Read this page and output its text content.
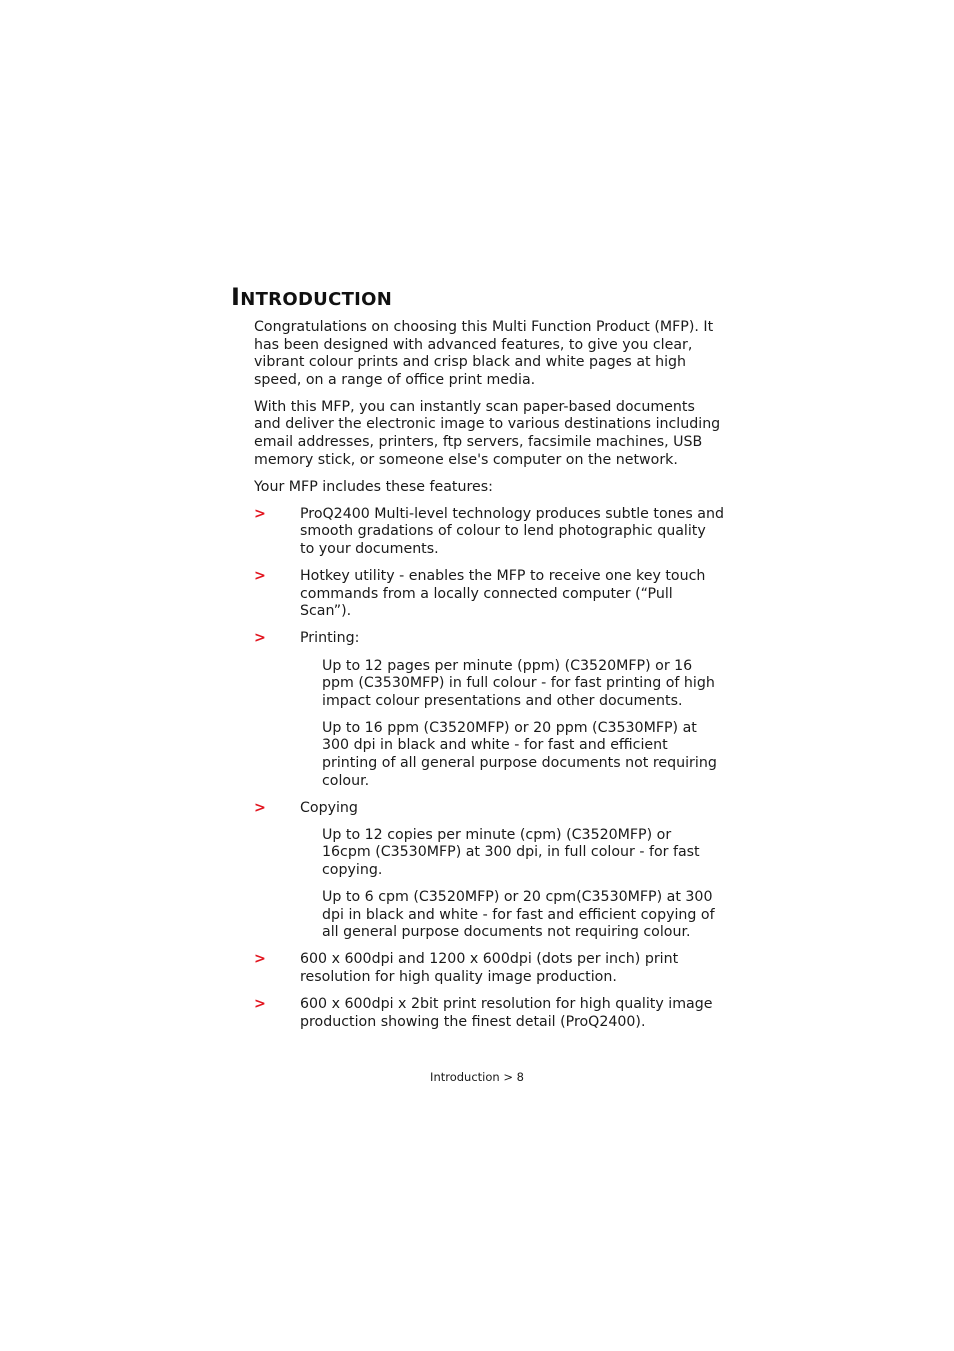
INTRODUCTION

Congratulations on choosing this Multi Function Product (MFP). It has been designed with advanced features, to give you clear, vibrant colour prints and crisp black and white pages at high speed, on a range of office print media.

With this MFP, you can instantly scan paper-based documents and deliver the electronic image to various destinations including email addresses, printers, ftp servers, facsimile machines, USB memory stick, or someone else's computer on the network.

Your MFP includes these features:

> ProQ2400 Multi-level technology produces subtle tones and smooth gradations of colour to lend photographic quality to your documents.
> Hotkey utility - enables the MFP to receive one key touch commands from a locally connected computer (“Pull Scan”).
> Printing:

Up to 12 pages per minute (ppm) (C3520MFP) or 16 ppm (C3530MFP) in full colour - for fast printing of high impact colour presentations and other documents.

Up to 16 ppm (C3520MFP) or 20 ppm (C3530MFP) at 300 dpi in black and white - for fast and efficient printing of all general purpose documents not requiring colour.

> Copying

Up to 12 copies per minute (cpm) (C3520MFP) or 16cpm (C3530MFP) at 300 dpi, in full colour - for fast copying.

Up to 6 cpm (C3520MFP) or 20 cpm(C3530MFP) at 300 dpi in black and white - for fast and efficient copying of all general purpose documents not requiring colour.

> 600 x 600dpi and 1200 x 600dpi (dots per inch) print resolution for high quality image production.
> 600 x 600dpi x 2bit print resolution for high quality image production showing the finest detail (ProQ2400).
Introduction > 8
